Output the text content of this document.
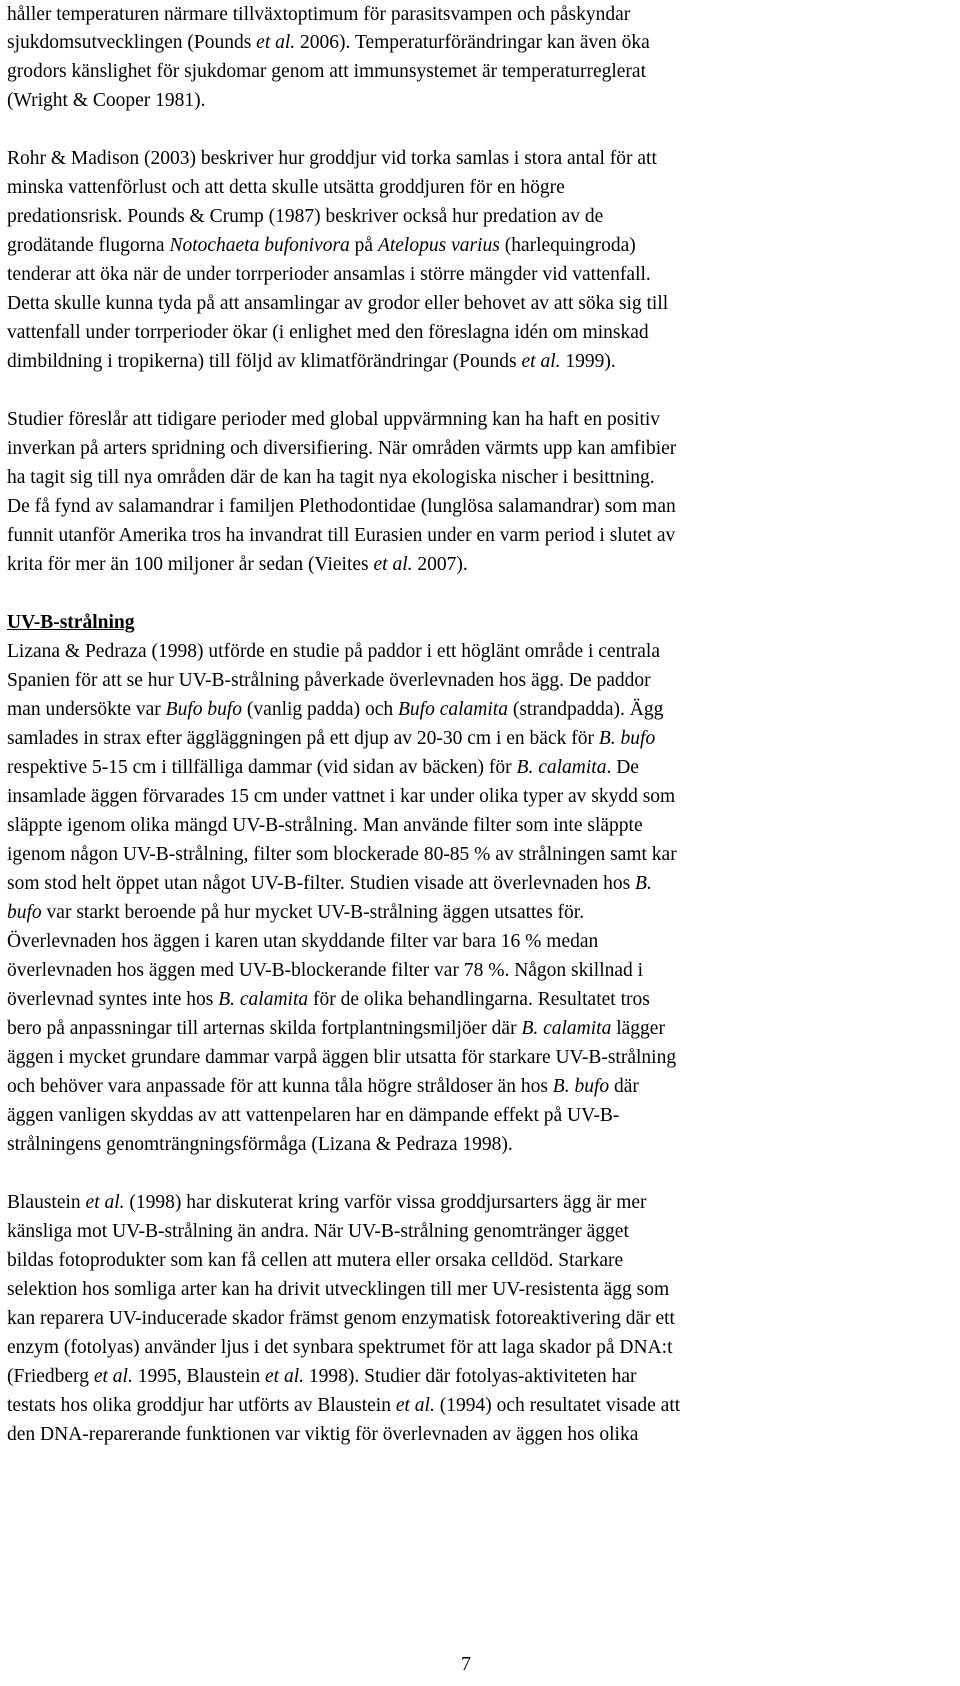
håller temperaturen närmare tillväxtoptimum för parasitsvampen och påskyndar
sjukdomsutvecklingen (Pounds et al. 2006). Temperaturförändringar kan även öka
grodors känslighet för sjukdomar genom att immunsystemet är temperaturreglerat
(Wright & Cooper 1981).
Rohr & Madison (2003) beskriver hur groddjur vid torka samlas i stora antal för att
minska vattenförlust och att detta skulle utsätta groddjuren för en högre
predationsrisk. Pounds & Crump (1987) beskriver också hur predation av de
grodätande flugorna Notochaeta bufonivora på Atelopus varius (harlequingroda)
tenderar att öka när de under torrperioder ansamlas i större mängder vid vattenfall.
Detta skulle kunna tyda på att ansamlingar av grodor eller behovet av att söka sig till
vattenfall under torrperioder ökar (i enlighet med den föreslagna idén om minskad
dimbildning i tropikerna) till följd av klimatförändringar (Pounds et al. 1999).
Studier föreslår att tidigare perioder med global uppvärmning kan ha haft en positiv
inverkan på arters spridning och diversifiering. När områden värmts upp kan amfibier
ha tagit sig till nya områden där de kan ha tagit nya ekologiska nischer i besittning.
De få fynd av salamandrar i familjen Plethodontidae (lunglösa salamandrar) som man
funnit utanför Amerika tros ha invandrat till Eurasien under en varm period i slutet av
krita för mer än 100 miljoner år sedan (Vieites et al. 2007).
UV-B-strålning
Lizana & Pedraza (1998) utförde en studie på paddor i ett höglänt område i centrala
Spanien för att se hur UV-B-strålning påverkade överlevnaden hos ägg. De paddor
man undersökte var Bufo bufo (vanlig padda) och Bufo calamita (strandpadda). Ägg
samlades in strax efter äggläggningen på ett djup av 20-30 cm i en bäck för B. bufo
respektive 5-15 cm i tillfälliga dammar (vid sidan av bäcken) för B. calamita. De
insamlade äggen förvarades 15 cm under vattnet i kar under olika typer av skydd som
släppte igenom olika mängd UV-B-strålning. Man använde filter som inte släppte
igenom någon UV-B-strålning, filter som blockerade 80-85 % av strålningen samt kar
som stod helt öppet utan något UV-B-filter. Studien visade att överlevnaden hos B.
bufo var starkt beroende på hur mycket UV-B-strålning äggen utsattes för.
Överlevnaden hos äggen i karen utan skyddande filter var bara 16 % medan
överlevnaden hos äggen med UV-B-blockerande filter var 78 %. Någon skillnad i
överlevnad syntes inte hos B. calamita för de olika behandlingarna. Resultatet tros
bero på anpassningar till arternas skilda fortplantningsmiljöer där B. calamita lägger
äggen i mycket grundare dammar varpå äggen blir utsatta för starkare UV-B-strålning
och behöver vara anpassade för att kunna tåla högre stråldoser än hos B. bufo där
äggen vanligen skyddas av att vattenpelaren har en dämpande effekt på UV-B-
strålningens genomträngningsförmåga (Lizana & Pedraza 1998).
Blaustein et al. (1998) har diskuterat kring varför vissa groddjursarters ägg är mer
känsliga mot UV-B-strålning än andra. När UV-B-strålning genomtränger ägget
bildas fotoprodukter som kan få cellen att mutera eller orsaka celldöd. Starkare
selektion hos somliga arter kan ha drivit utvecklingen till mer UV-resistenta ägg som
kan reparera UV-inducerade skador främst genom enzymatisk fotoreaktivering där ett
enzym (fotolyas) använder ljus i det synbara spektrumet för att laga skador på DNA:t
(Friedberg et al. 1995, Blaustein et al. 1998). Studier där fotolyas-aktiviteten har
testats hos olika groddjur har utförts av Blaustein et al. (1994) och resultatet visade att
den DNA-reparerande funktionen var viktig för överlevnaden av äggen hos olika
7
